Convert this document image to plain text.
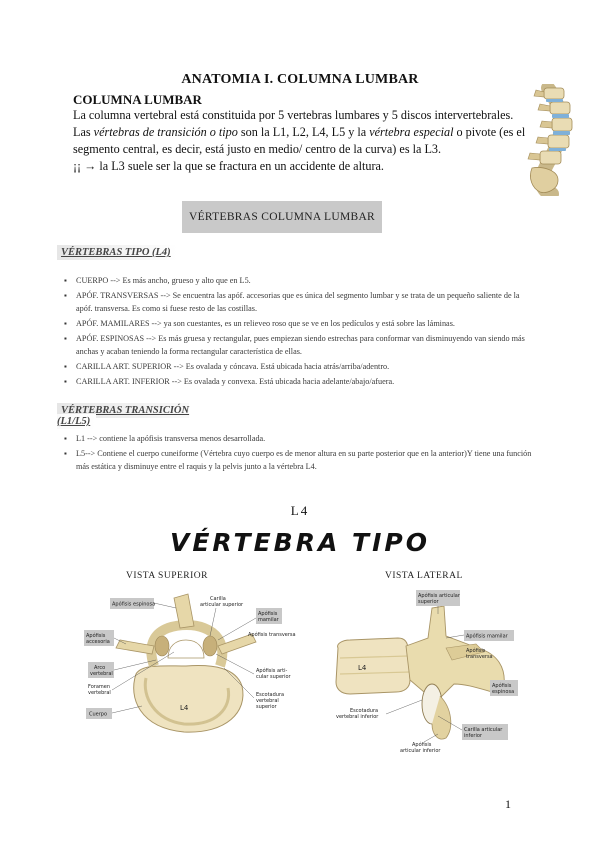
ANATOMIA I. COLUMNA LUMBAR
COLUMNA LUMBAR
La columna vertebral está constituida por 5 vertebras lumbares y 5 discos intervertebrales. Las vértebras de transición o tipo son la L1, L2, L4, L5 y la vértebra especial o pivote (es el segmento central, es decir, está justo en medio/ centro de la curva) es la L3.
¡¡ → la L3 suele ser la que se fractura en un accidente de altura.
VÉRTEBRAS COLUMNA LUMBAR
VÉRTEBRAS TIPO (L4)
▪ CUERPO --> Es más ancho, grueso y alto que en L5.
▪ APÓF. TRANSVERSAS --> Se encuentra las apóf. accesorias que es única del segmento lumbar y se trata de un pequeño saliente de la apóf. transversa. Es como si fuese resto de las costillas.
▪ APÓF. MAMILARES --> ya son cuestantes, es un relieveo roso que se ve en los pedículos y está sobre las láminas.
▪ APÓF. ESPINOSAS --> Es más gruesa y rectangular, pues empiezan siendo estrechas para conformar van disminuyendo van siendo más anchas y acaban teniendo la forma rectangular característica de ellas.
▪ CARILLA ART. SUPERIOR --> Es ovalada y cóncava. Está ubicada hacia atrás/arriba/adentro.
▪ CARILLA ART. INFERIOR --> Es ovalada y convexa. Está ubicada hacia adelante/abajo/afuera.
VÉRTEBRAS TRANSICIÓN (L1/L5)
▪ L1 --> contiene la apófisis transversa menos desarrollada.
▪ L5--> Contiene el cuerpo cuneiforme (Vértebra cuyo cuerpo es de menor altura en su parte posterior que en la anterior)Y tiene una función más estática y disminuye entre el raquis y la pelvis junto a la vértebra L4.
L4
VÉRTEBRA TIPO
VISTA SUPERIOR	VISTA LATERAL
L4
Apófisis espinosa
Carilla
articular superior
Apófisis
mamilar
Apófisis transversa
Apófisis
accesoria
Arco
vertebral	Apófisis arti-
cular superior
Foramen
vertebral	Escotadura
vertebral
superior
Cuerpo
L4
Apófisis articular
superior
Apófisis mamilar
Apófisis
transversa
Apófisis
espinosa
Escotadura
vertebral inferior
Carilla articular
inferior
Apófisis
articular inferior
1
